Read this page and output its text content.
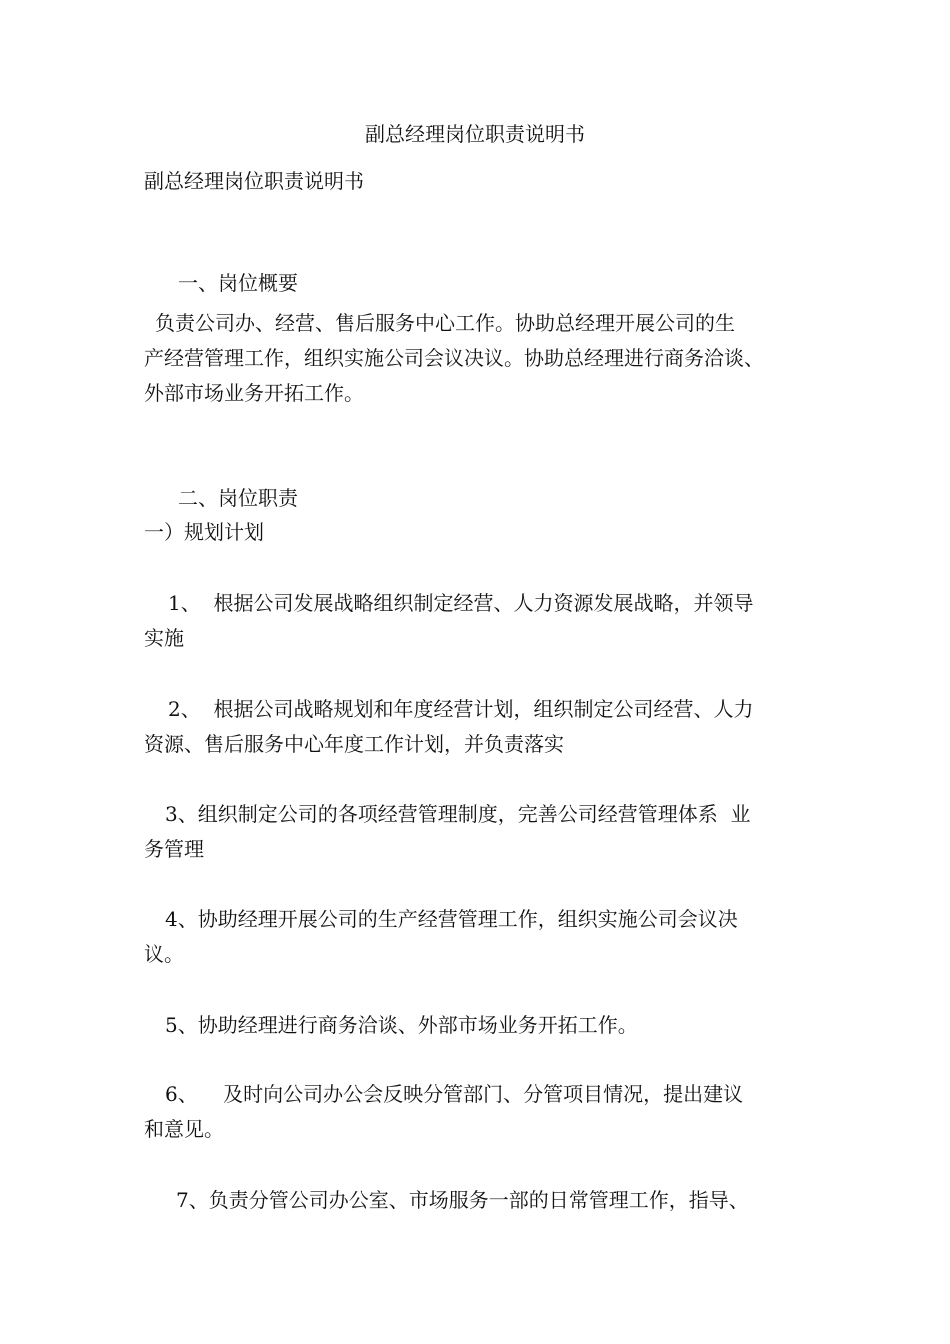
副总经理岗位职责说明书
副总经理岗位职责说明书
一、岗位概要
负责公司办、经营、售后服务中心工作。协助总经理开展公司的生
产经营管理工作，组织实施公司会议决议。协助总经理进行商务洽谈、
外部市场业务开拓工作。
二、岗位职责
一）规划计划
1、  根据公司发展战略组织制定经营、人力资源发展战略，并领导
实施
2、  根据公司战略规划和年度经营计划，组织制定公司经营、人力
资源、售后服务中心年度工作计划，并负责落实
3、组织制定公司的各项经营管理制度，完善公司经营管理体系  业
务管理
4、协助经理开展公司的生产经营管理工作，组织实施公司会议决
议。
5、协助经理进行商务洽谈、外部市场业务开拓工作。
6、    及时向公司办公会反映分管部门、分管项目情况，提出建议
和意见。
7、负责分管公司办公室、市场服务一部的日常管理工作，指导、
